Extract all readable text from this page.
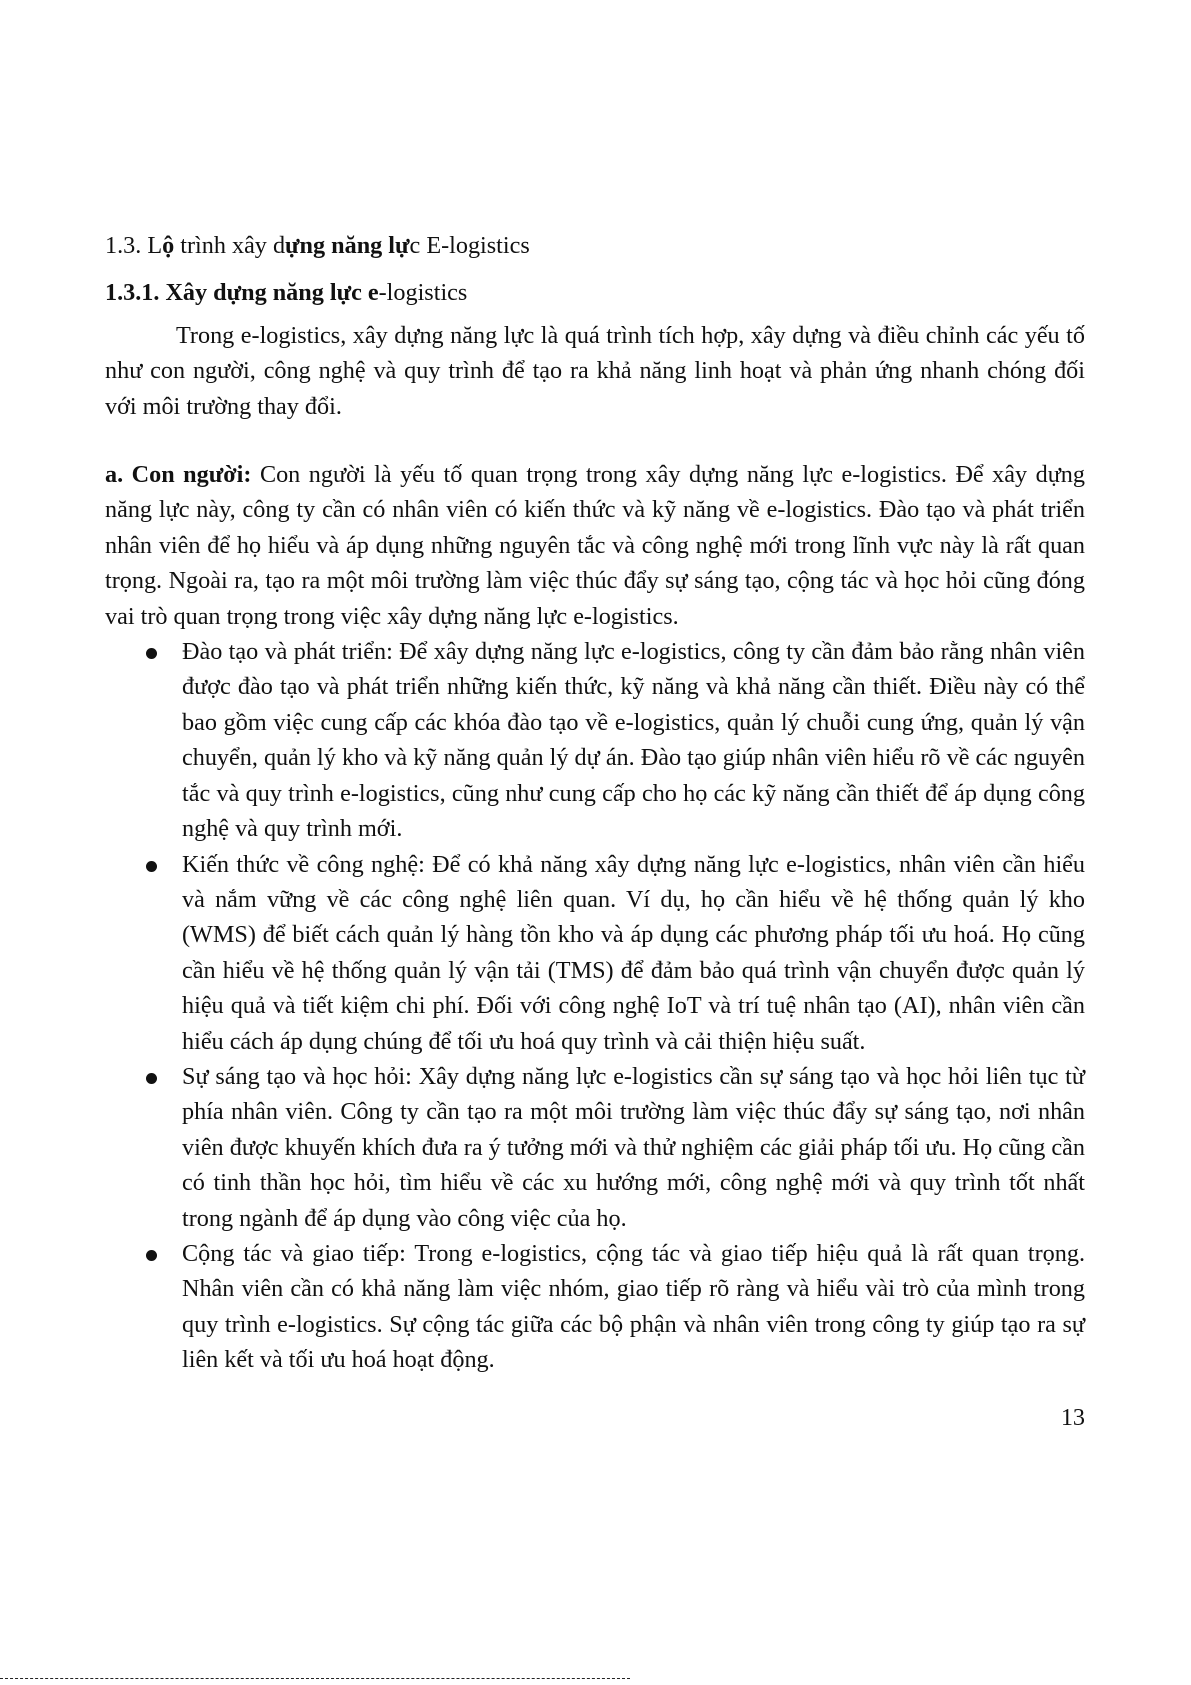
1.3. Lộ trình xây dựng năng lực E-logistics
1.3.1. Xây dựng năng lực e-logistics

Trong e-logistics, xây dựng năng lực là quá trình tích hợp, xây dựng và điều chỉnh các yếu tố như con người, công nghệ và quy trình để tạo ra khả năng linh hoạt và phản ứng nhanh chóng đối với môi trường thay đổi.

a. Con người: Con người là yếu tố quan trọng trong xây dựng năng lực e-logistics. Để xây dựng năng lực này, công ty cần có nhân viên có kiến thức và kỹ năng về e-logistics. Đào tạo và phát triển nhân viên để họ hiểu và áp dụng những nguyên tắc và công nghệ mới trong lĩnh vực này là rất quan trọng. Ngoài ra, tạo ra một môi trường làm việc thúc đẩy sự sáng tạo, cộng tác và học hỏi cũng đóng vai trò quan trọng trong việc xây dựng năng lực e-logistics.

Đào tạo và phát triển: Để xây dựng năng lực e-logistics, công ty cần đảm bảo rằng nhân viên được đào tạo và phát triển những kiến thức, kỹ năng và khả năng cần thiết. Điều này có thể bao gồm việc cung cấp các khóa đào tạo về e-logistics, quản lý chuỗi cung ứng, quản lý vận chuyển, quản lý kho và kỹ năng quản lý dự án. Đào tạo giúp nhân viên hiểu rõ về các nguyên tắc và quy trình e-logistics, cũng như cung cấp cho họ các kỹ năng cần thiết để áp dụng công nghệ và quy trình mới.
Kiến thức về công nghệ: Để có khả năng xây dựng năng lực e-logistics, nhân viên cần hiểu và nắm vững về các công nghệ liên quan. Ví dụ, họ cần hiểu về hệ thống quản lý kho (WMS) để biết cách quản lý hàng tồn kho và áp dụng các phương pháp tối ưu hoá. Họ cũng cần hiểu về hệ thống quản lý vận tải (TMS) để đảm bảo quá trình vận chuyển được quản lý hiệu quả và tiết kiệm chi phí. Đối với công nghệ IoT và trí tuệ nhân tạo (AI), nhân viên cần hiểu cách áp dụng chúng để tối ưu hoá quy trình và cải thiện hiệu suất.
Sự sáng tạo và học hỏi: Xây dựng năng lực e-logistics cần sự sáng tạo và học hỏi liên tục từ phía nhân viên. Công ty cần tạo ra một môi trường làm việc thúc đẩy sự sáng tạo, nơi nhân viên được khuyến khích đưa ra ý tưởng mới và thử nghiệm các giải pháp tối ưu. Họ cũng cần có tinh thần học hỏi, tìm hiểu về các xu hướng mới, công nghệ mới và quy trình tốt nhất trong ngành để áp dụng vào công việc của họ.
Cộng tác và giao tiếp: Trong e-logistics, cộng tác và giao tiếp hiệu quả là rất quan trọng. Nhân viên cần có khả năng làm việc nhóm, giao tiếp rõ ràng và hiểu vài trò của mình trong quy trình e-logistics. Sự cộng tác giữa các bộ phận và nhân viên trong công ty giúp tạo ra sự liên kết và tối ưu hoá hoạt động.
13
